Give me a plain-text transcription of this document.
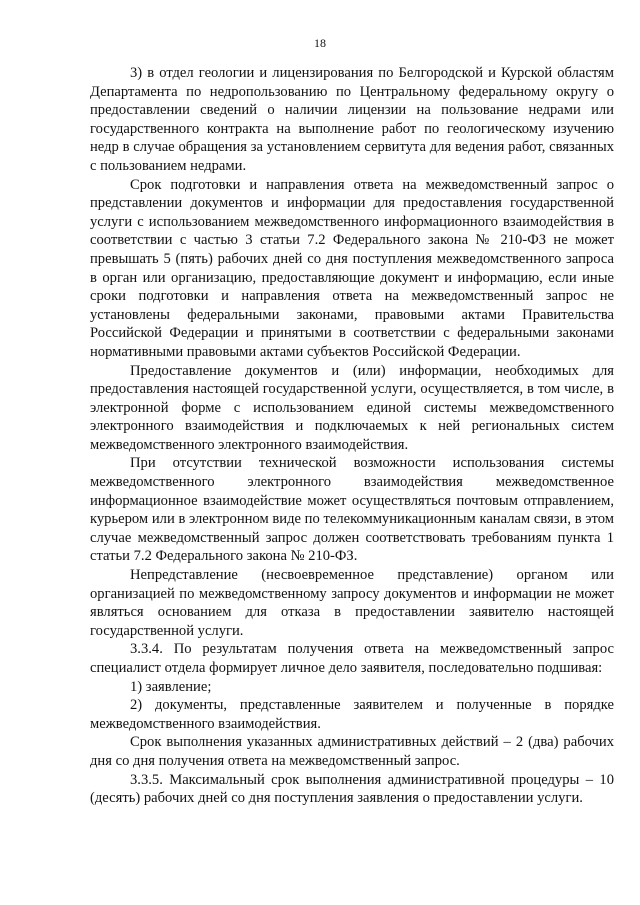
18

3) в отдел геологии и лицензирования по Белгородской и Курской областям Департамента по недропользованию по Центральному федеральному округу о предоставлении сведений о наличии лицензии на пользование недрами или государственного контракта на выполнение работ по геологическому изучению недр в случае обращения за установлением сервитута для ведения работ, связанных с пользованием недрами.

Срок подготовки и направления ответа на межведомственный запрос о представлении документов и информации для предоставления государственной услуги с использованием межведомственного информационного взаимодействия в соответствии с частью 3 статьи 7.2 Федерального закона № 210-ФЗ не может превышать 5 (пять) рабочих дней со дня поступления межведомственного запроса в орган или организацию, предоставляющие документ и информацию, если иные сроки подготовки и направления ответа на межведомственный запрос не установлены федеральными законами, правовыми актами Правительства Российской Федерации и принятыми в соответствии с федеральными законами нормативными правовыми актами субъектов Российской Федерации.

Предоставление документов и (или) информации, необходимых для предоставления настоящей государственной услуги, осуществляется, в том числе, в электронной форме с использованием единой системы межведомственного электронного взаимодействия и подключаемых к ней региональных систем межведомственного электронного взаимодействия.

При отсутствии технической возможности использования системы межведомственного электронного взаимодействия межведомственное информационное взаимодействие может осуществляться почтовым отправлением, курьером или в электронном виде по телекоммуникационным каналам связи, в этом случае межведомственный запрос должен соответствовать требованиям пункта 1 статьи 7.2 Федерального закона № 210-ФЗ.

Непредставление (несвоевременное представление) органом или организацией по межведомственному запросу документов и информации не может являться основанием для отказа в предоставлении заявителю настоящей государственной услуги.

3.3.4. По результатам получения ответа на межведомственный запрос специалист отдела формирует личное дело заявителя, последовательно подшивая:

1) заявление;

2) документы, представленные заявителем и полученные в порядке межведомственного взаимодействия.

Срок выполнения указанных административных действий – 2 (два) рабочих дня со дня получения ответа на межведомственный запрос.

3.3.5. Максимальный срок выполнения административной процедуры – 10 (десять) рабочих дней со дня поступления заявления о предоставлении услуги.
